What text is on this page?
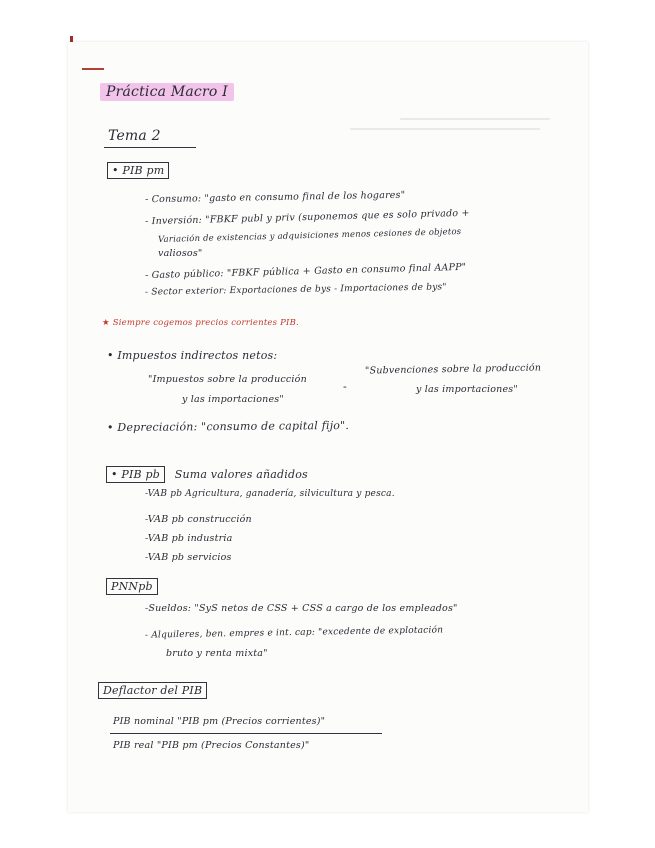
Práctica Macro I
Tema 2
• PIB pm
- Consumo: "gasto en consumo final de los hogares"
- Inversión: "FBKF publ y priv (suponemos que es solo privado +
Variación de existencias y adquisiciones menos cesiones de objetos
valiosos"
- Gasto público: "FBKF pública + Gasto en consumo final AAPP"
- Sector exterior: Exportaciones de bys - Importaciones de bys"
★ Siempre cogemos precios corrientes PIB.
• Impuestos indirectos netos:
"Impuestos sobre la producción
y las importaciones"
-
"Subvenciones sobre la producción
y las importaciones"
• Depreciación: "consumo de capital fijo".
• PIB pb Suma valores añadidos
-VAB pb Agricultura, ganadería, silvicultura y pesca.
-VAB pb construcción
-VAB pb industria
-VAB pb servicios
PNNpb
-Sueldos: "SyS netos de CSS + CSS a cargo de los empleados"
- Alquileres, ben. empres e int. cap: "excedente de explotación
bruto y renta mixta"
Deflactor del PIB
PIB nominal "PIB pm (Precios corrientes)"
PIB real "PIB pm (Precios Constantes)"
